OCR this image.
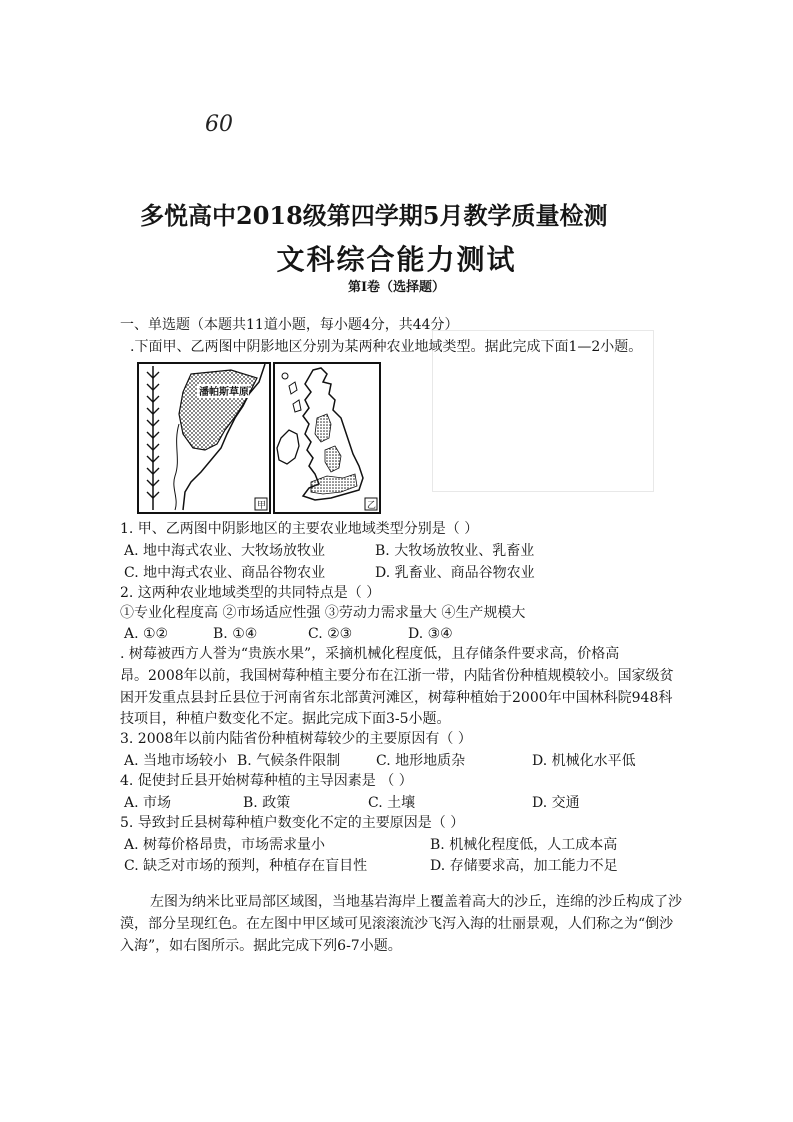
60
多悦高中2018级第四学期5月教学质量检测
文科综合能力测试
第Ⅰ卷（选择题）
一、单选题（本题共11道小题，每小题4分，共44分）
.下面甲、乙两图中阴影地区分别为某两种农业地域类型。据此完成下面1—2小题。
潘帕斯草原
甲	乙
1. 甲、乙两图中阴影地区的主要农业地域类型分别是（ ）
A. 地中海式农业、大牧场放牧业	B. 大牧场放牧业、乳畜业
C. 地中海式农业、商品谷物农业	D. 乳畜业、商品谷物农业
2. 这两种农业地域类型的共同特点是（ ）
①专业化程度高 ②市场适应性强 ③劳动力需求量大 ④生产规模大
A. ①②	B. ①④	C. ②③	D. ③④
. 树莓被西方人誉为“贵族水果”，采摘机械化程度低，且存储条件要求高，价格高
昂。2008年以前，我国树莓种植主要分布在江浙一带，内陆省份种植规模较小。国家级贫
困开发重点县封丘县位于河南省东北部黄河滩区，树莓种植始于2000年中国林科院948科
技项目，种植户数变化不定。据此完成下面3-5小题。
3. 2008年以前内陆省份种植树莓较少的主要原因有（ ）
A. 当地市场较小 B. 气候条件限制	C. 地形地质杂	D. 机械化水平低
4. 促使封丘县开始树莓种植的主导因素是 （ ）
A. 市场	B. 政策	C. 土壤	D. 交通
5. 导致封丘县树莓种植户数变化不定的主要原因是（ ）
A. 树莓价格昂贵，市场需求量小	B. 机械化程度低，人工成本高
C. 缺乏对市场的预判，种植存在盲目性	D. 存储要求高，加工能力不足
左图为纳米比亚局部区域图，当地基岩海岸上覆盖着高大的沙丘，连绵的沙丘构成了沙
漠，部分呈现红色。在左图中甲区域可见滚滚流沙飞泻入海的壮丽景观，人们称之为“倒沙
入海”，如右图所示。据此完成下列6-7小题。
